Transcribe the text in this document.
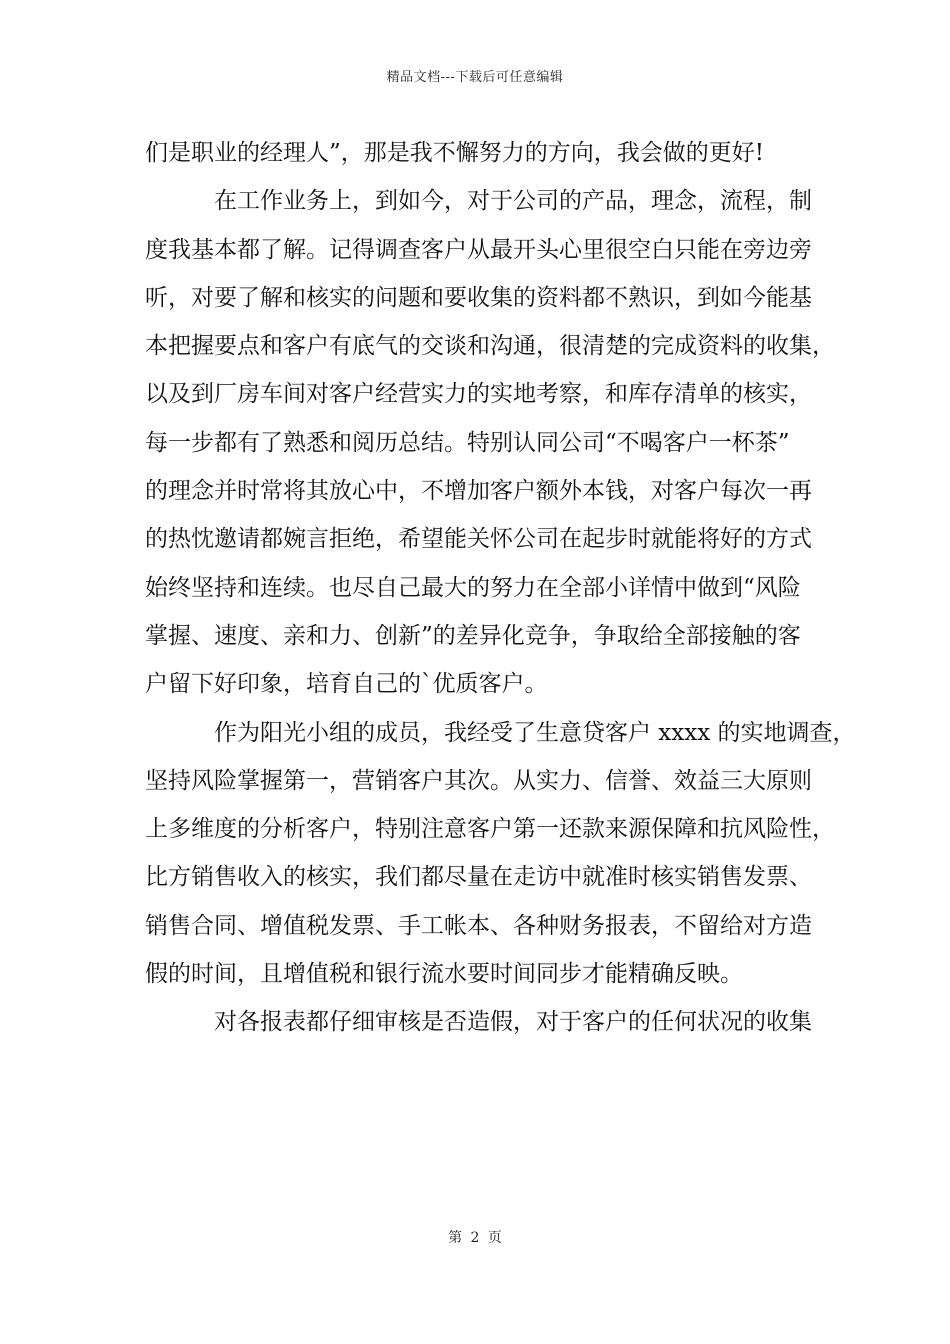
精品文档---下载后可任意编辑
们是职业的经理人”，那是我不懈努力的方向，我会做的更好!
在工作业务上，到如今，对于公司的产品，理念，流程，制
度我基本都了解。记得调查客户从最开头心里很空白只能在旁边旁
听，对要了解和核实的问题和要收集的资料都不熟识，到如今能基
本把握要点和客户有底气的交谈和沟通，很清楚的完成资料的收集，
以及到厂房车间对客户经营实力的实地考察，和库存清单的核实，
每一步都有了熟悉和阅历总结。特别认同公司“不喝客户一杯茶”
的理念并时常将其放心中，不增加客户额外本钱，对客户每次一再
的热忱邀请都婉言拒绝，希望能关怀公司在起步时就能将好的方式
始终坚持和连续。也尽自己最大的努力在全部小详情中做到“风险
掌握、速度、亲和力、创新”的差异化竞争，争取给全部接触的客
户留下好印象，培育自己的`优质客户。
作为阳光小组的成员，我经受了生意贷客户 xxxx 的实地调查，
坚持风险掌握第一，营销客户其次。从实力、信誉、效益三大原则
上多维度的分析客户，特别注意客户第一还款来源保障和抗风险性，
比方销售收入的核实，我们都尽量在走访中就准时核实销售发票、
销售合同、增值税发票、手工帐本、各种财务报表，不留给对方造
假的时间，且增值税和银行流水要时间同步才能精确反映。
对各报表都仔细审核是否造假，对于客户的任何状况的收集
第 2 页
